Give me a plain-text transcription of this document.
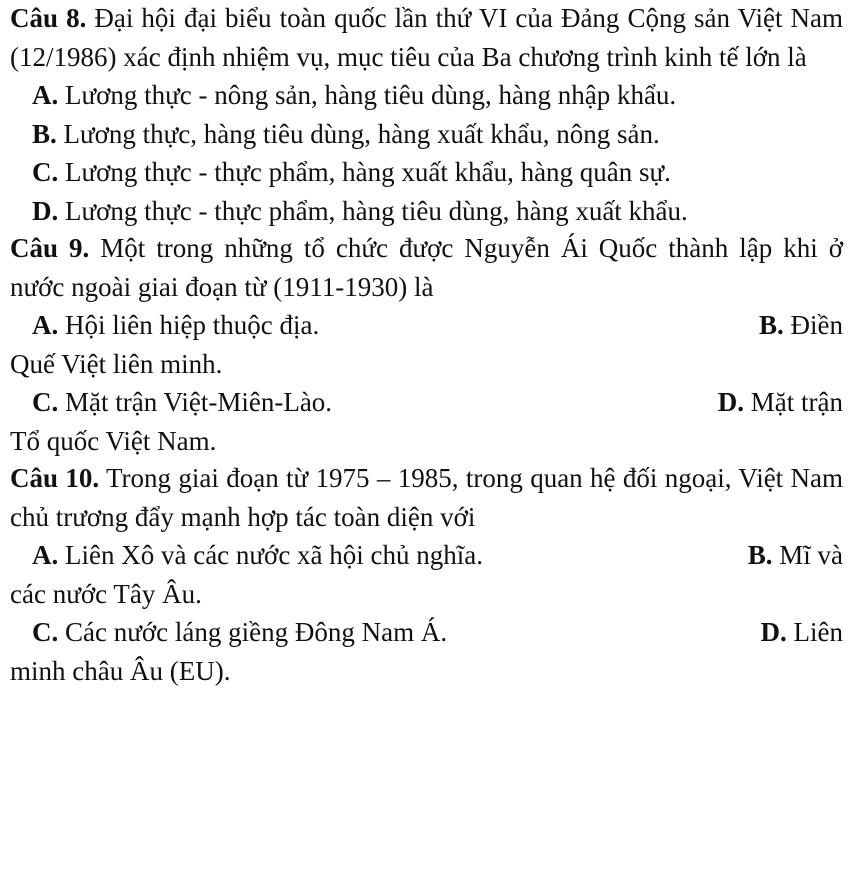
Câu 8. Đại hội đại biểu toàn quốc lần thứ VI của Đảng Cộng sản Việt Nam (12/1986) xác định nhiệm vụ, mục tiêu của Ba chương trình kinh tế lớn là

A. Lương thực - nông sản, hàng tiêu dùng, hàng nhập khẩu.

B. Lương thực, hàng tiêu dùng, hàng xuất khẩu, nông sản.

C. Lương thực - thực phẩm, hàng xuất khẩu, hàng quân sự.

D. Lương thực - thực phẩm, hàng tiêu dùng, hàng xuất khẩu.

Câu 9. Một trong những tổ chức được Nguyễn Ái Quốc thành lập khi ở nước ngoài giai đoạn từ (1911-1930) là

B. Điền
A. Hội liên hiệp thuộc địa.

Quế Việt liên minh.

D. Mặt trận
C. Mặt trận Việt-Miên-Lào.

Tổ quốc Việt Nam.

Câu 10. Trong giai đoạn từ 1975 – 1985, trong quan hệ đối ngoại, Việt Nam chủ trương đẩy mạnh hợp tác toàn diện với

B. Mĩ và
A. Liên Xô và các nước xã hội chủ nghĩa.

các nước Tây Âu.

D. Liên
C. Các nước láng giềng Đông Nam Á.

minh châu Âu (EU).
